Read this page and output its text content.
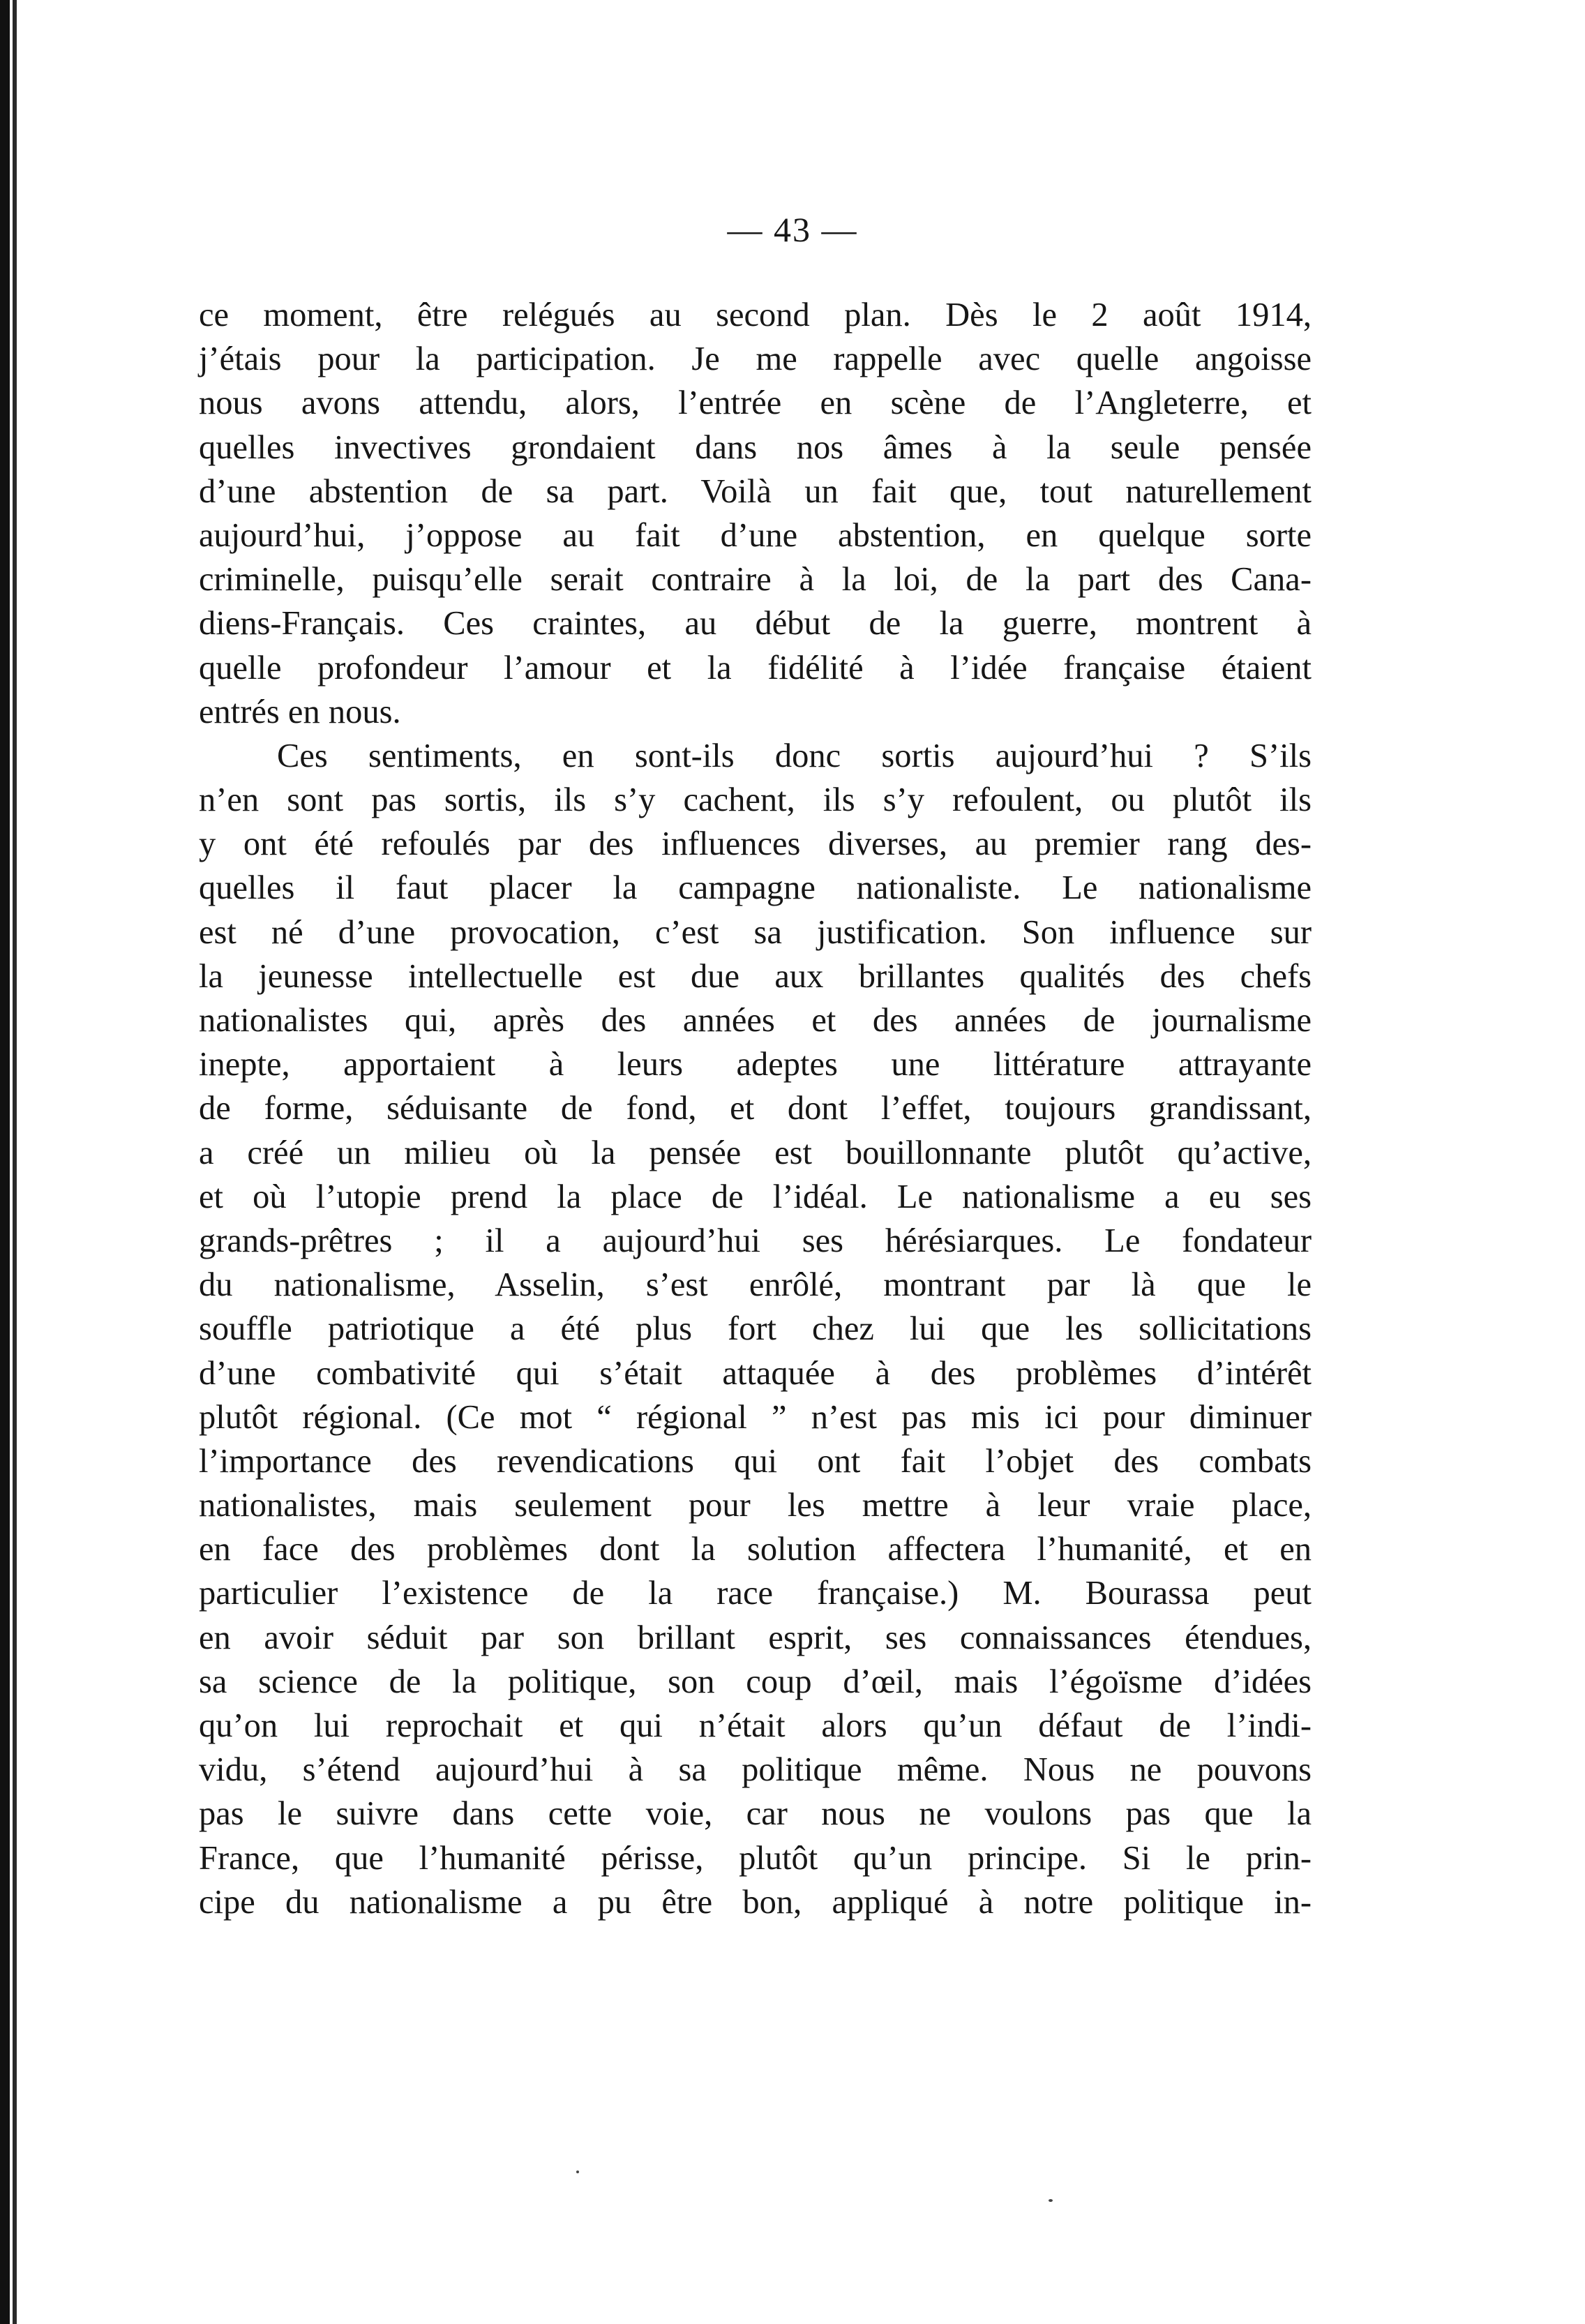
— 43 —

ce moment, être relégués au second plan. Dès le 2 août 1914,
j’étais pour la participation. Je me rappelle avec quelle angoisse
nous avons attendu, alors, l’entrée en scène de l’Angleterre, et
quelles invectives grondaient dans nos âmes à la seule pensée
d’une abstention de sa part. Voilà un fait que, tout naturellement
aujourd’hui, j’oppose au fait d’une abstention, en quelque sorte
criminelle, puisqu’elle serait contraire à la loi, de la part des Cana-
diens-Français. Ces craintes, au début de la guerre, montrent à
quelle profondeur l’amour et la fidélité à l’idée française étaient
entrés en nous.
Ces sentiments, en sont-ils donc sortis aujourd’hui ? S’ils
n’en sont pas sortis, ils s’y cachent, ils s’y refoulent, ou plutôt ils
y ont été refoulés par des influences diverses, au premier rang des-
quelles il faut placer la campagne nationaliste. Le nationalisme
est né d’une provocation, c’est sa justification. Son influence sur
la jeunesse intellectuelle est due aux brillantes qualités des chefs
nationalistes qui, après des années et des années de journalisme
inepte, apportaient à leurs adeptes une littérature attrayante
de forme, séduisante de fond, et dont l’effet, toujours grandissant,
a créé un milieu où la pensée est bouillonnante plutôt qu’active,
et où l’utopie prend la place de l’idéal. Le nationalisme a eu ses
grands-prêtres ; il a aujourd’hui ses hérésiarques. Le fondateur
du nationalisme, Asselin, s’est enrôlé, montrant par là que le
souffle patriotique a été plus fort chez lui que les sollicitations
d’une combativité qui s’était attaquée à des problèmes d’intérêt
plutôt régional. (Ce mot “ régional ” n’est pas mis ici pour diminuer
l’importance des revendications qui ont fait l’objet des combats
nationalistes, mais seulement pour les mettre à leur vraie place,
en face des problèmes dont la solution affectera l’humanité, et en
particulier l’existence de la race française.) M. Bourassa peut
en avoir séduit par son brillant esprit, ses connaissances étendues,
sa science de la politique, son coup d’œil, mais l’égoïsme d’idées
qu’on lui reprochait et qui n’était alors qu’un défaut de l’indi-
vidu, s’étend aujourd’hui à sa politique même. Nous ne pouvons
pas le suivre dans cette voie, car nous ne voulons pas que la
France, que l’humanité périsse, plutôt qu’un principe. Si le prin-
cipe du nationalisme a pu être bon, appliqué à notre politique in-
